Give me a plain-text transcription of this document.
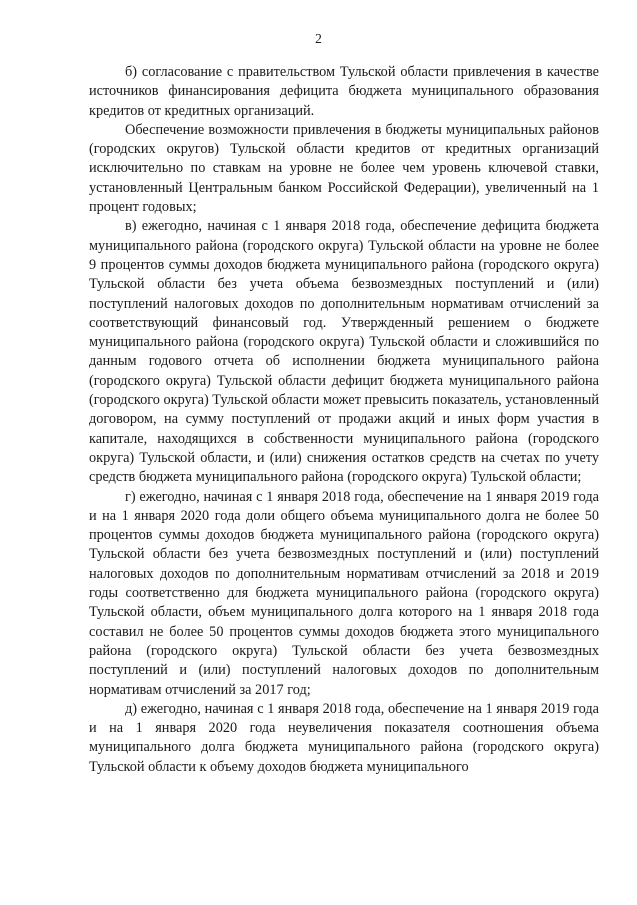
2

б) согласование с правительством Тульской области привлечения в качестве источников финансирования дефицита бюджета муниципального образования кредитов от кредитных организаций.

Обеспечение возможности привлечения в бюджеты муниципальных районов (городских округов) Тульской области кредитов от кредитных организаций исключительно по ставкам на уровне не более чем уровень ключевой ставки, установленный Центральным банком Российской Федерации), увеличенный на 1 процент годовых;

в) ежегодно, начиная с 1 января 2018 года, обеспечение дефицита бюджета муниципального района (городского округа) Тульской области на уровне не более 9 процентов суммы доходов бюджета муниципального района (городского округа) Тульской области без учета объема безвозмездных поступлений и (или) поступлений налоговых доходов по дополнительным нормативам отчислений за соответствующий финансовый год. Утвержденный решением о бюджете муниципального района (городского округа) Тульской области и сложившийся по данным годового отчета об исполнении бюджета муниципального района (городского округа) Тульской области дефицит бюджета муниципального района (городского округа) Тульской области может превысить показатель, установленный договором, на сумму поступлений от продажи акций и иных форм участия в капитале, находящихся в собственности муниципального района (городского округа) Тульской области, и (или) снижения остатков средств на счетах по учету средств бюджета муниципального района (городского округа) Тульской области;

г) ежегодно, начиная с 1 января 2018 года, обеспечение на 1 января 2019 года и на 1 января 2020 года доли общего объема муниципального долга не более 50 процентов суммы доходов бюджета муниципального района (городского округа) Тульской области без учета безвозмездных поступлений и (или) поступлений налоговых доходов по дополнительным нормативам отчислений за 2018 и 2019 годы соответственно для бюджета муниципального района (городского округа) Тульской области, объем муниципального долга которого на 1 января 2018 года составил не более 50 процентов суммы доходов бюджета этого муниципального района (городского округа) Тульской области без учета безвозмездных поступлений и (или) поступлений налоговых доходов по дополнительным нормативам отчислений за 2017 год;

д) ежегодно, начиная с 1 января 2018 года, обеспечение на 1 января 2019 года и на 1 января 2020 года неувеличения показателя соотношения объема муниципального долга бюджета муниципального района (городского округа) Тульской области к объему доходов бюджета муниципального
